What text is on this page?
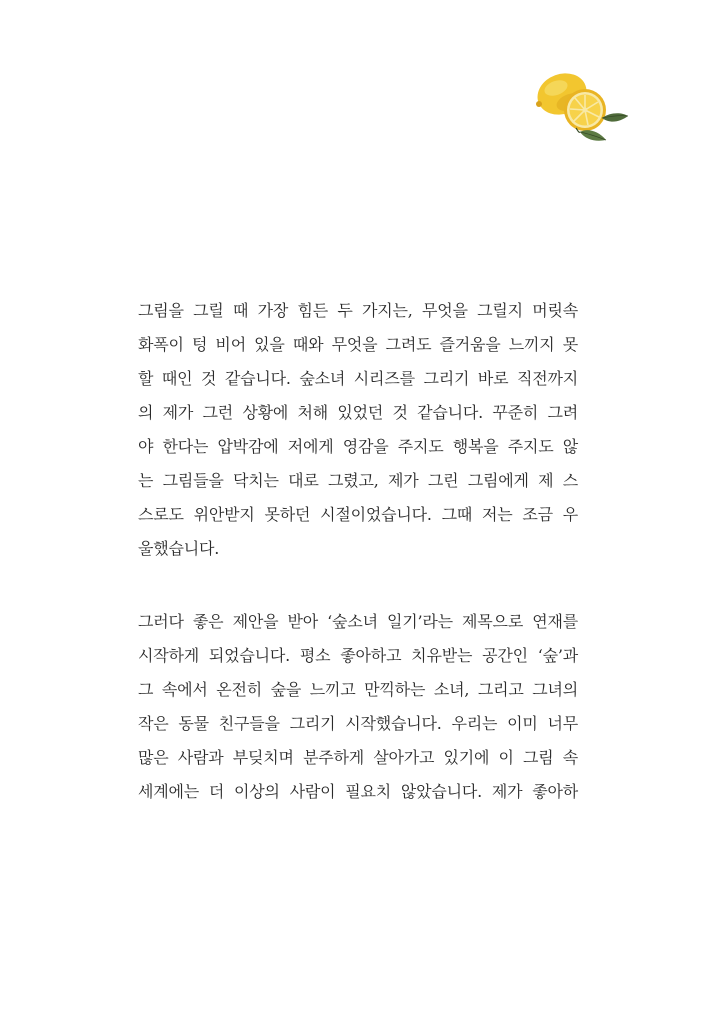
그림을 그릴 때 가장 힘든 두 가지는, 무엇을 그릴지 머릿속
화폭이 텅 비어 있을 때와 무엇을 그려도 즐거움을 느끼지 못
할 때인 것 같습니다. 숲소녀 시리즈를 그리기 바로 직전까지
의 제가 그런 상황에 처해 있었던 것 같습니다. 꾸준히 그려
야 한다는 압박감에 저에게 영감을 주지도 행복을 주지도 않
는 그림들을 닥치는 대로 그렸고, 제가 그린 그림에게 제 스
스로도 위안받지 못하던 시절이었습니다. 그때 저는 조금 우
울했습니다.

그러다 좋은 제안을 받아 ‘숲소녀 일기’라는 제목으로 연재를
시작하게 되었습니다. 평소 좋아하고 치유받는 공간인 ‘숲’과
그 속에서 온전히 숲을 느끼고 만끽하는 소녀, 그리고 그녀의
작은 동물 친구들을 그리기 시작했습니다. 우리는 이미 너무
많은 사람과 부딪치며 분주하게 살아가고 있기에 이 그림 속
세계에는 더 이상의 사람이 필요치 않았습니다. 제가 좋아하
